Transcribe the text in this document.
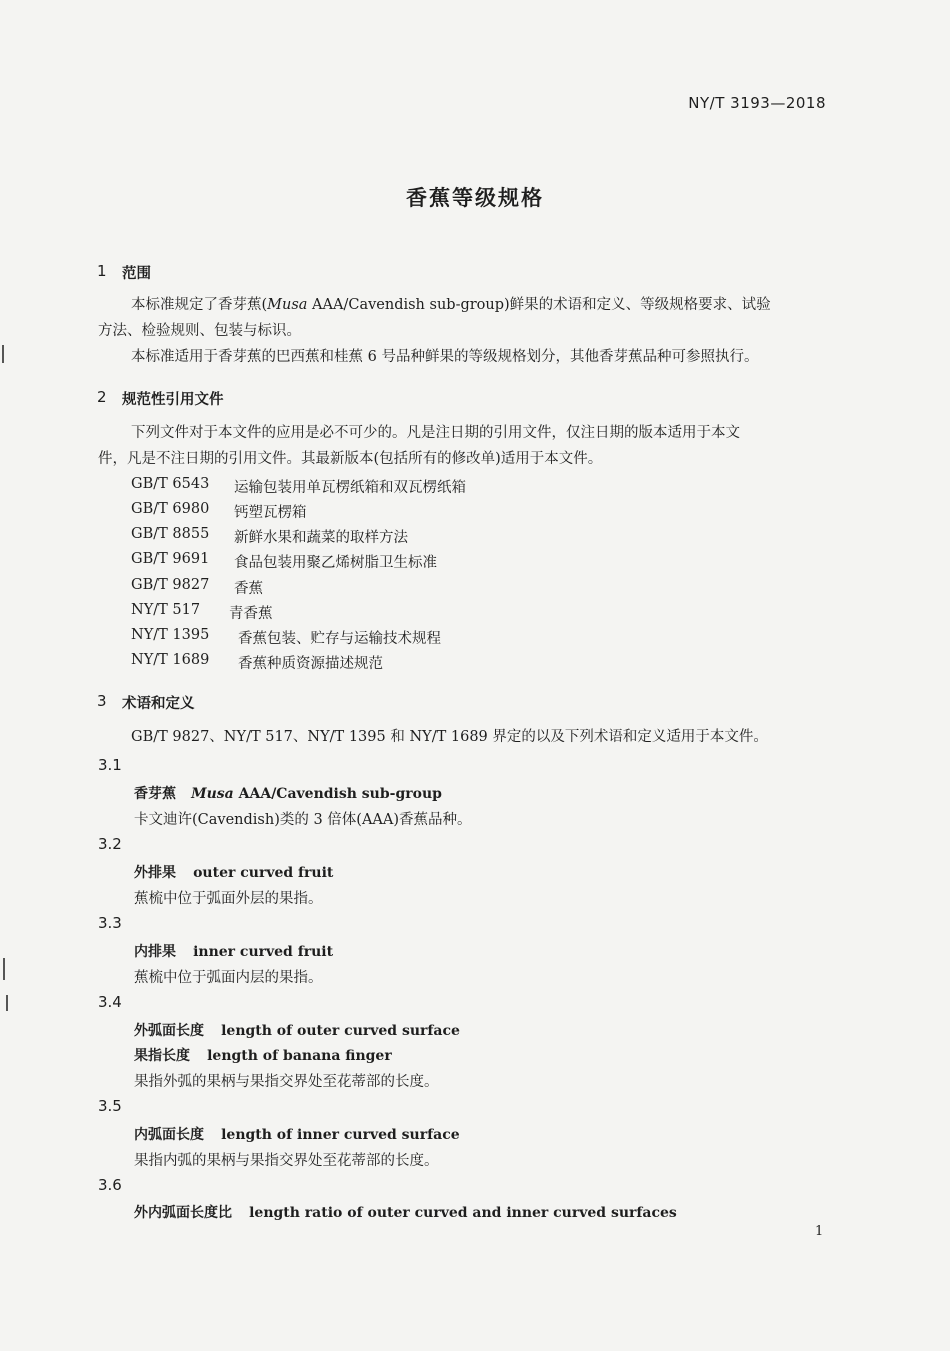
NY/T 3193—2018
香蕉等级规格
1 范围
本标准规定了香芽蕉(Musa AAA/Cavendish sub-group)鲜果的术语和定义、等级规格要求、试验
方法、检验规则、包装与标识。
本标准适用于香芽蕉的巴西蕉和桂蕉 6 号品种鲜果的等级规格划分，其他香芽蕉品种可参照执行。
2 规范性引用文件
下列文件对于本文件的应用是必不可少的。凡是注日期的引用文件，仅注日期的版本适用于本文
件，凡是不注日期的引用文件。其最新版本(包括所有的修改单)适用于本文件。
GB/T 6543 运输包装用单瓦楞纸箱和双瓦楞纸箱
GB/T 6980 钙塑瓦楞箱
GB/T 8855 新鲜水果和蔬菜的取样方法
GB/T 9691 食品包装用聚乙烯树脂卫生标准
GB/T 9827 香蕉
NY/T 517 青香蕉
NY/T 1395 香蕉包装、贮存与运输技术规程
NY/T 1689 香蕉种质资源描述规范
3 术语和定义
GB/T 9827、NY/T 517、NY/T 1395 和 NY/T 1689 界定的以及下列术语和定义适用于本文件。
3.1
香芽蕉 Musa AAA/Cavendish sub-group
卡文迪许(Cavendish)类的 3 倍体(AAA)香蕉品种。
3.2
外排果 outer curved fruit
蕉梳中位于弧面外层的果指。
3.3
内排果 inner curved fruit
蕉梳中位于弧面内层的果指。
3.4
外弧面长度 length of outer curved surface
果指长度 length of banana finger
果指外弧的果柄与果指交界处至花蒂部的长度。
3.5
内弧面长度 length of inner curved surface
果指内弧的果柄与果指交界处至花蒂部的长度。
3.6
外内弧面长度比 length ratio of outer curved and inner curved surfaces
1
